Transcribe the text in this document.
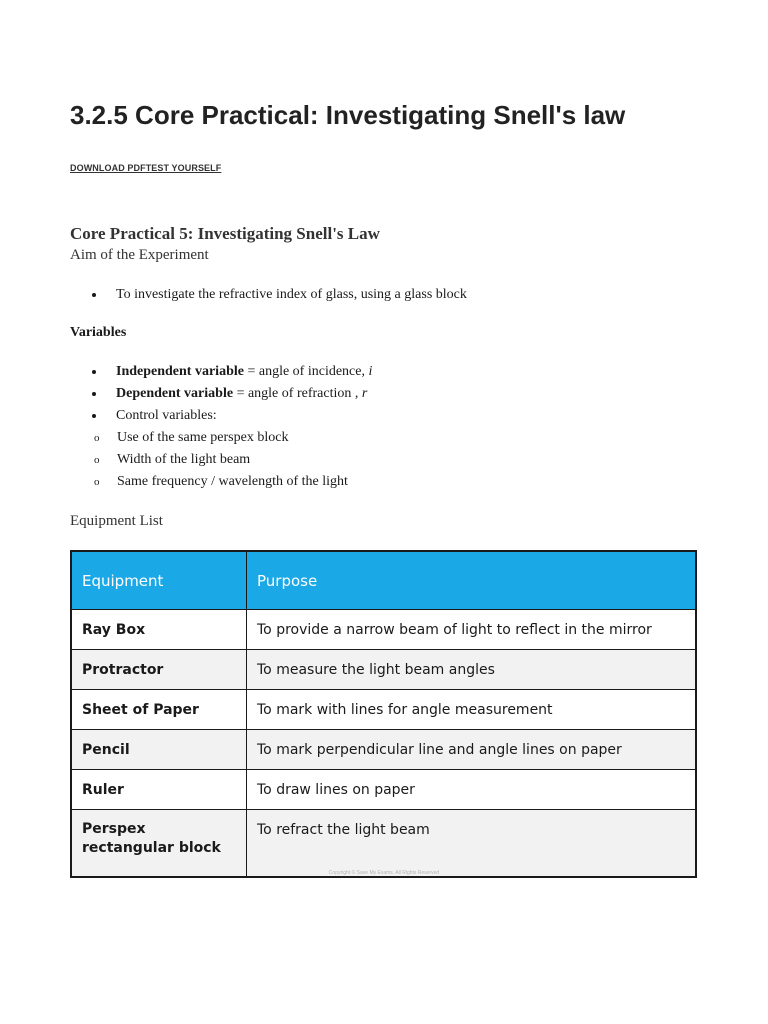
3.2.5 Core Practical: Investigating Snell's law
DOWNLOAD PDFTEST YOURSELF
Core Practical 5: Investigating Snell's Law
Aim of the Experiment
To investigate the refractive index of glass, using a glass block

Variables

Independent variable = angle of incidence, i
Dependent variable = angle of refraction , r
Control variables:
o Use of the same perspex block
o Width of the light beam
o Same frequency / wavelength of the light
Equipment List
Equipment	Purpose
Ray Box	To provide a narrow beam of light to reflect in the mirror
Protractor	To measure the light beam angles
Sheet of Paper	To mark with lines for angle measurement
Pencil	To mark perpendicular line and angle lines on paper
Ruler	To draw lines on paper
Perspex rectangular block	To refract the light beam
Copyright © Save My Exams. All Rights Reserved
